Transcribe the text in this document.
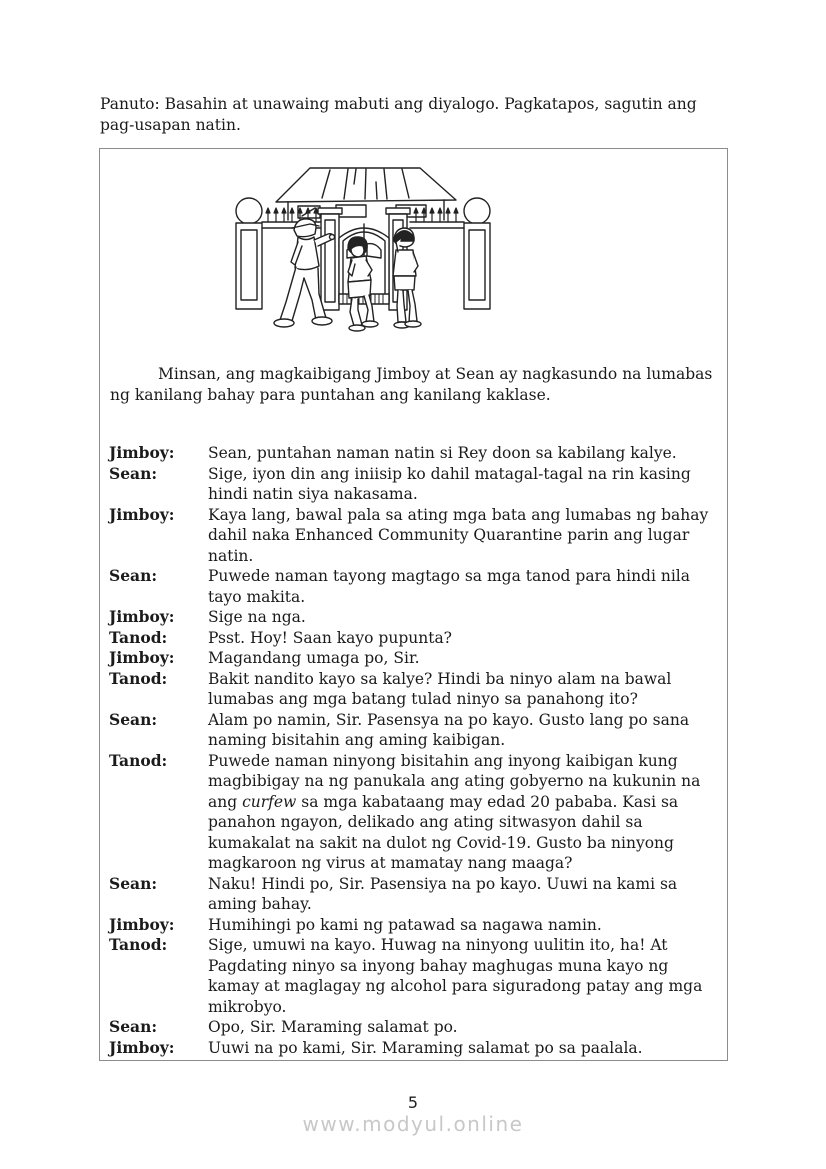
Panuto: Basahin at unawaing mabuti ang diyalogo. Pagkatapos, sagutin ang pag-usapan natin.
Minsan, ang magkaibigang Jimboy at Sean ay nagkasundo na lumabas ng kanilang bahay para puntahan ang kanilang kaklase.
Jimboy:	Sean, puntahan naman natin si Rey doon sa kabilang kalye.
Sean:	Sige, iyon din ang iniisip ko dahil matagal-tagal na rin kasing hindi natin siya nakasama.
Jimboy:	Kaya lang, bawal pala sa ating mga bata ang lumabas ng bahay dahil naka Enhanced Community Quarantine parin ang lugar natin.
Sean:	Puwede naman tayong magtago sa mga tanod para hindi nila tayo makita.
Jimboy:	Sige na nga.
Tanod:	Psst. Hoy! Saan kayo pupunta?
Jimboy:	Magandang umaga po, Sir.
Tanod:	Bakit nandito kayo sa kalye? Hindi ba ninyo alam na bawal lumabas ang mga batang tulad ninyo sa panahong ito?
Sean:	Alam po namin, Sir. Pasensya na po kayo. Gusto lang po sana naming bisitahin ang aming kaibigan.
Tanod:	Puwede naman ninyong bisitahin ang inyong kaibigan kung magbibigay na ng panukala ang ating gobyerno na kukunin na ang curfew sa mga kabataang may edad 20 pababa. Kasi sa panahon ngayon, delikado ang ating sitwasyon dahil sa kumakalat na sakit na dulot ng Covid-19. Gusto ba ninyong magkaroon ng virus at mamatay nang maaga?
Sean:	Naku! Hindi po, Sir. Pasensiya na po kayo. Uuwi na kami sa aming bahay.
Jimboy:	Humihingi po kami ng patawad sa nagawa namin.
Tanod:	Sige, umuwi na kayo. Huwag na ninyong uulitin ito, ha! At Pagdating ninyo sa inyong bahay maghugas muna kayo ng kamay at maglagay ng alcohol para siguradong patay ang mga mikrobyo.
Sean:	Opo, Sir. Maraming salamat po.
Jimboy:	Uuwi na po kami, Sir. Maraming salamat po sa paalala.
5
www.modyul.online
